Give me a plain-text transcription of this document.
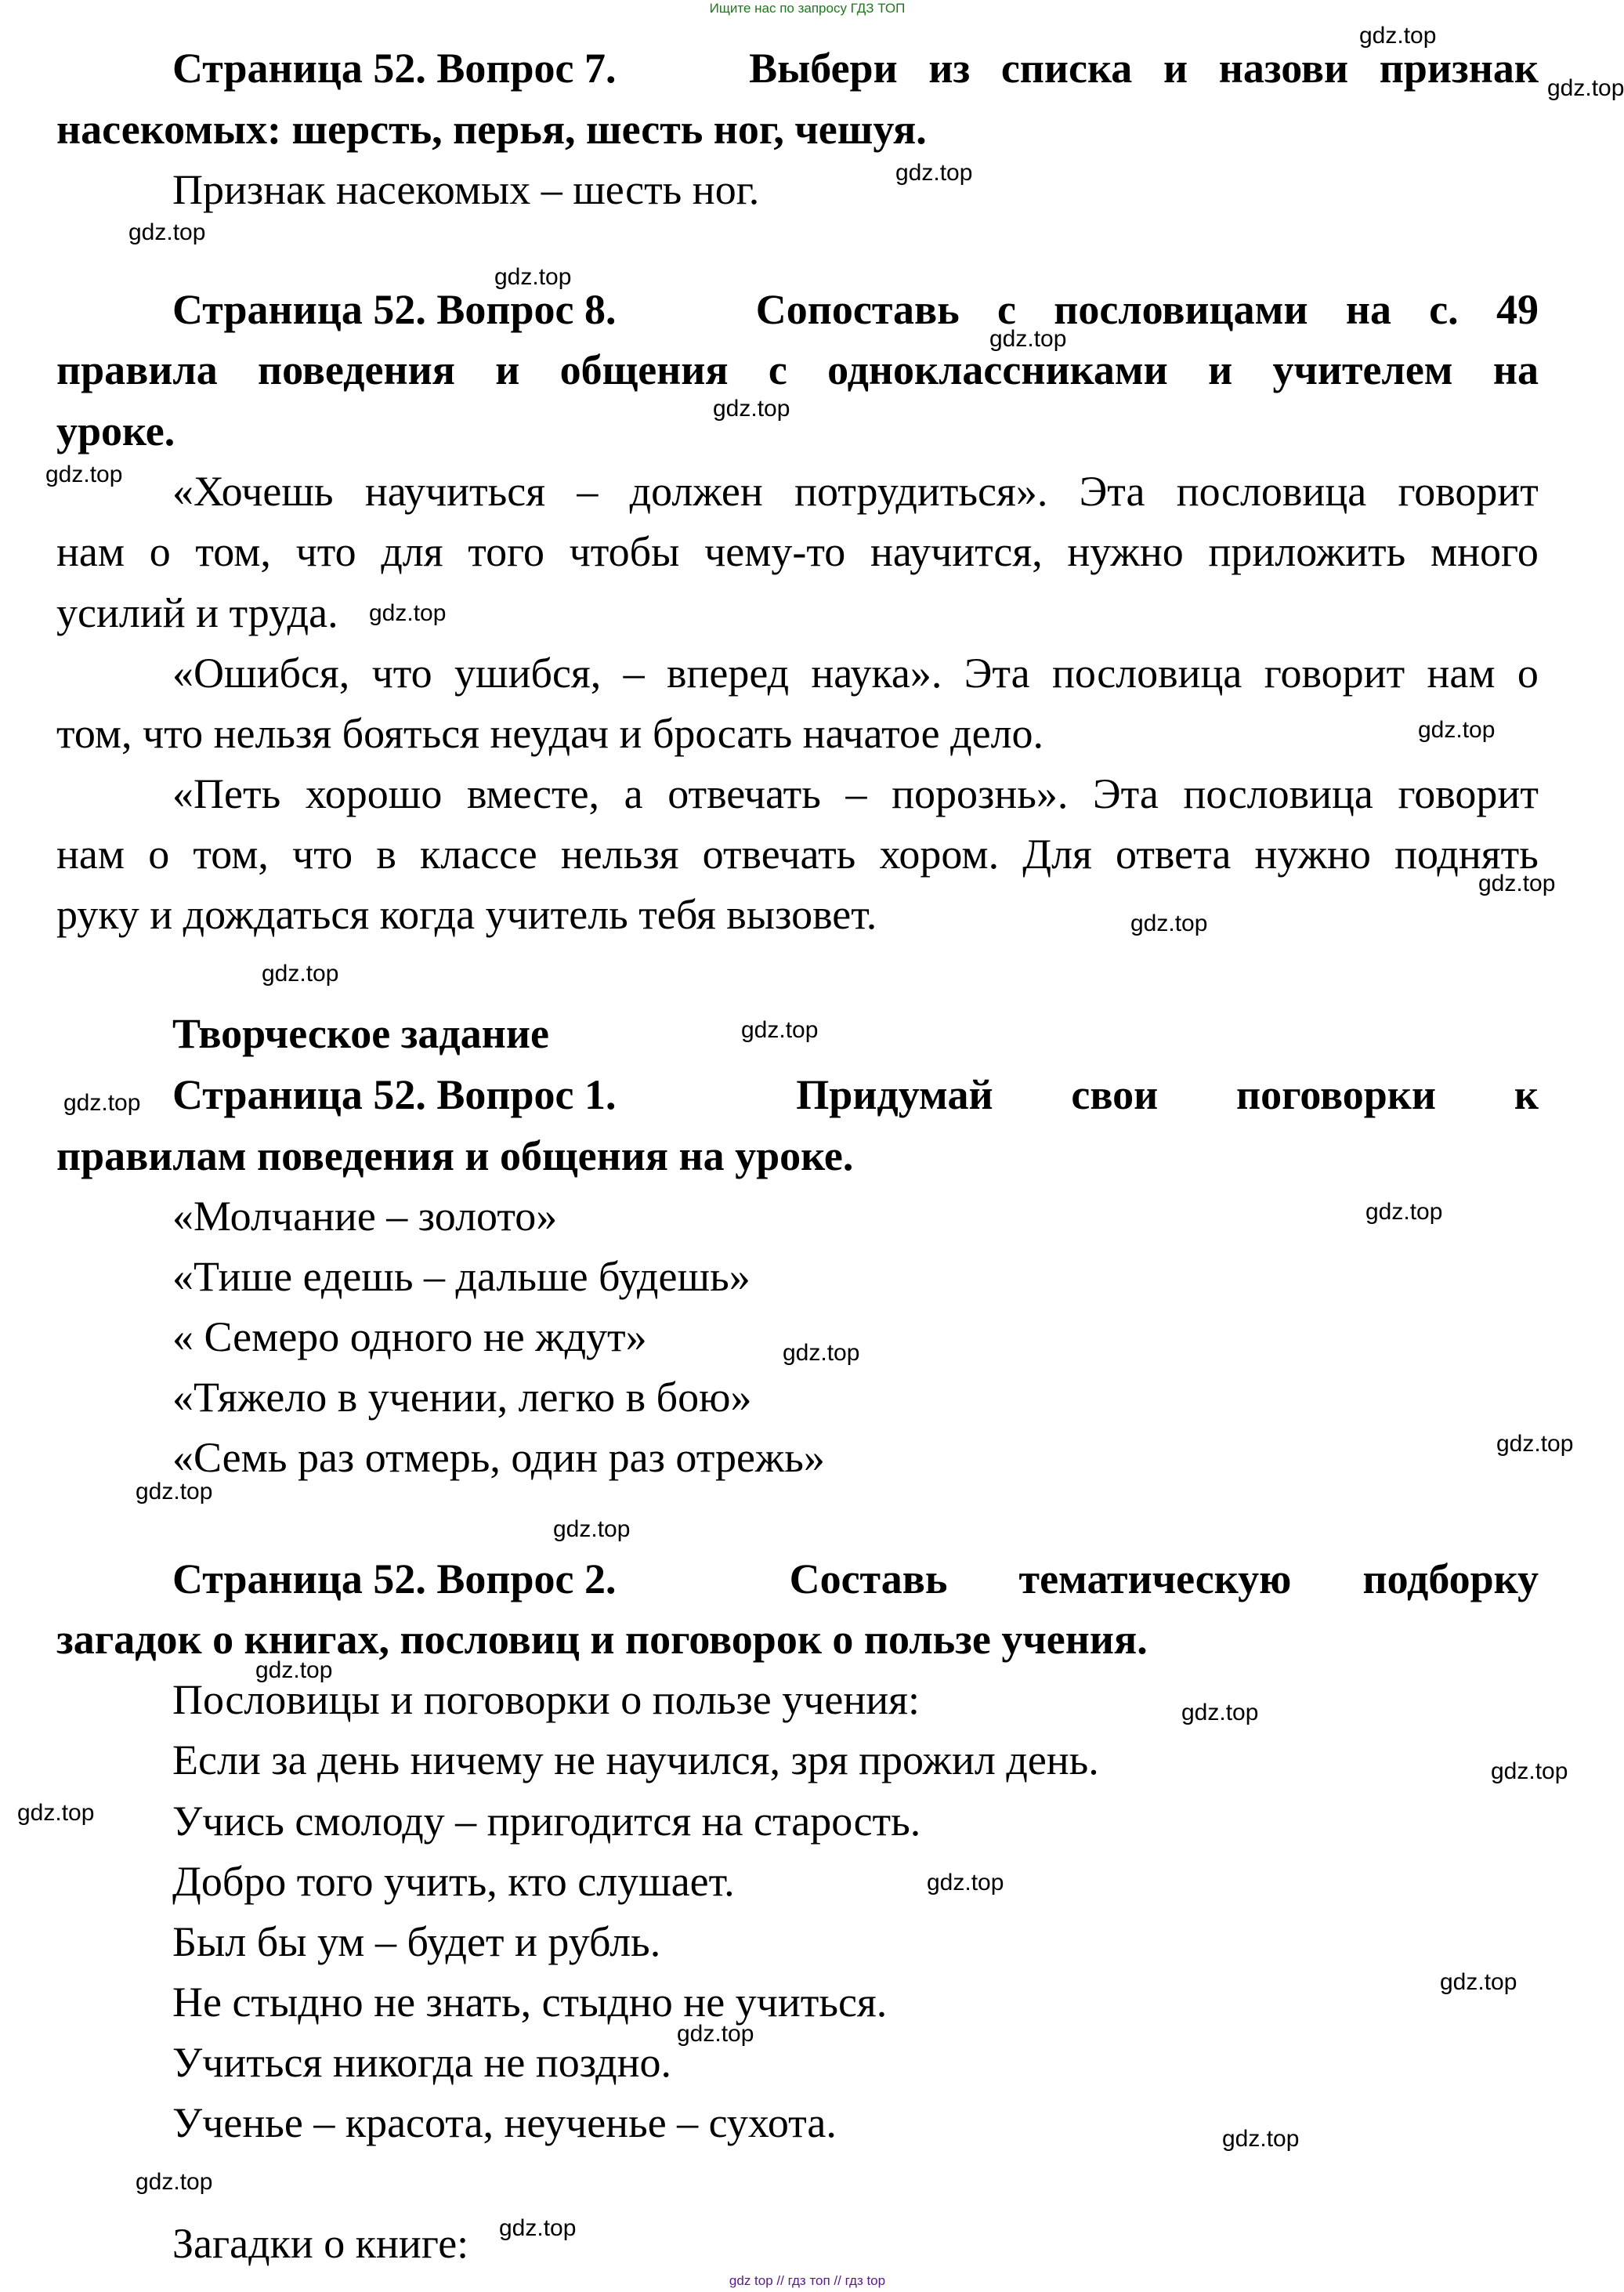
Ищите нас по запросу ГДЗ ТОП
Страница 52. Вопрос 7.	Выбери из списка и назови признак
насекомых: шерсть, перья, шесть ног, чешуя.
Признак насекомых – шесть ног.
Страница 52. Вопрос 8.	Сопоставь с пословицами на с. 49
правила поведения и общения с одноклассниками и учителем на
уроке.
«Хочешь научиться – должен потрудиться». Эта пословица говорит
нам о том, что для того чтобы чему-то научится, нужно приложить много
усилий и труда.
«Ошибся, что ушибся, – вперед наука». Эта пословица говорит нам о
том, что нельзя бояться неудач и бросать начатое дело.
«Петь хорошо вместе, а отвечать – порознь». Эта пословица говорит
нам о том, что в классе нельзя отвечать хором. Для ответа нужно поднять
руку и дождаться когда учитель тебя вызовет.
Творческое задание
Страница 52. Вопрос 1.	Придумай свои поговорки к
правилам поведения и общения на уроке.
«Молчание – золото»
«Тише едешь – дальше будешь»
« Семеро одного не ждут»
«Тяжело в учении, легко в бою»
«Семь раз отмерь, один раз отрежь»
Страница 52. Вопрос 2.	Составь тематическую подборку
загадок о книгах, пословиц и поговорок о пользе учения.
Пословицы и поговорки о пользе учения:
Если за день ничему не научился, зря прожил день.
Учись смолоду – пригодится на старость.
Добро того учить, кто слушает.
Был бы ум – будет и рубль.
Не стыдно не знать, стыдно не учиться.
Учиться никогда не поздно.
Ученье – красота, неученье – сухота.
Загадки о книге:
gdz.top
gdz.top
gdz.top
gdz.top
gdz.top
gdz.top
gdz.top
gdz.top
gdz.top
gdz.top
gdz.top
gdz.top
gdz.top
gdz.top
gdz.top
gdz.top
gdz.top
gdz.top
gdz.top
gdz.top
gdz.top
gdz.top
gdz.top
gdz.top
gdz.top
gdz.top
gdz.top
gdz.top
gdz.top
gdz.top
gdz top // гдз топ // гдз top
